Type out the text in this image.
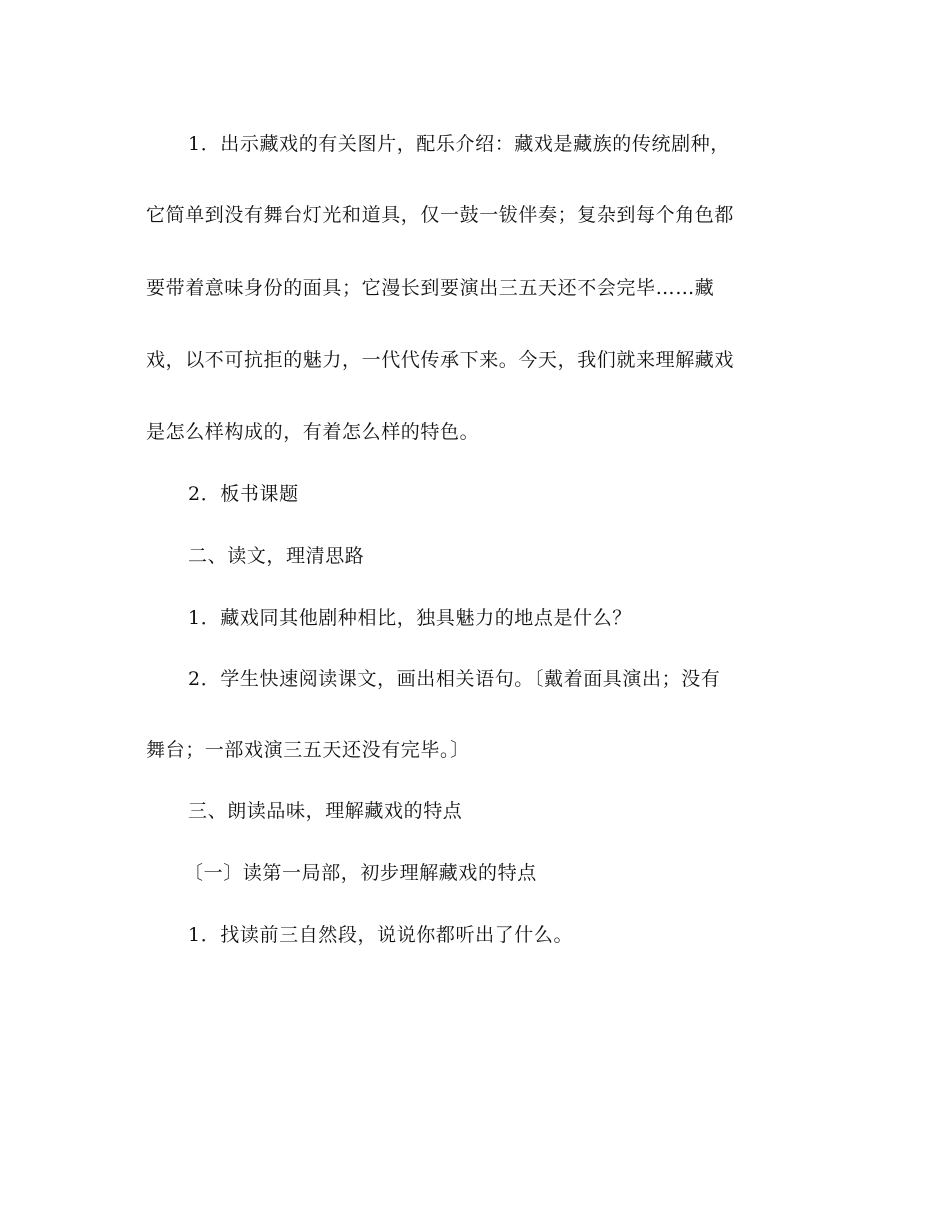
1．出示藏戏的有关图片，配乐介绍：藏戏是藏族的传统剧种，
它简单到没有舞台灯光和道具，仅一鼓一钹伴奏；复杂到每个角色都
要带着意味身份的面具；它漫长到要演出三五天还不会完毕……藏
戏，以不可抗拒的魅力，一代代传承下来。今天，我们就来理解藏戏
是怎么样构成的，有着怎么样的特色。
2．板书课题
二、读文，理清思路
1．藏戏同其他剧种相比，独具魅力的地点是什么？
2．学生快速阅读课文，画出相关语句。〔戴着面具演出；没有
舞台；一部戏演三五天还没有完毕。〕
三、朗读品味，理解藏戏的特点
〔一〕读第一局部，初步理解藏戏的特点
1．找读前三自然段，说说你都听出了什么。
